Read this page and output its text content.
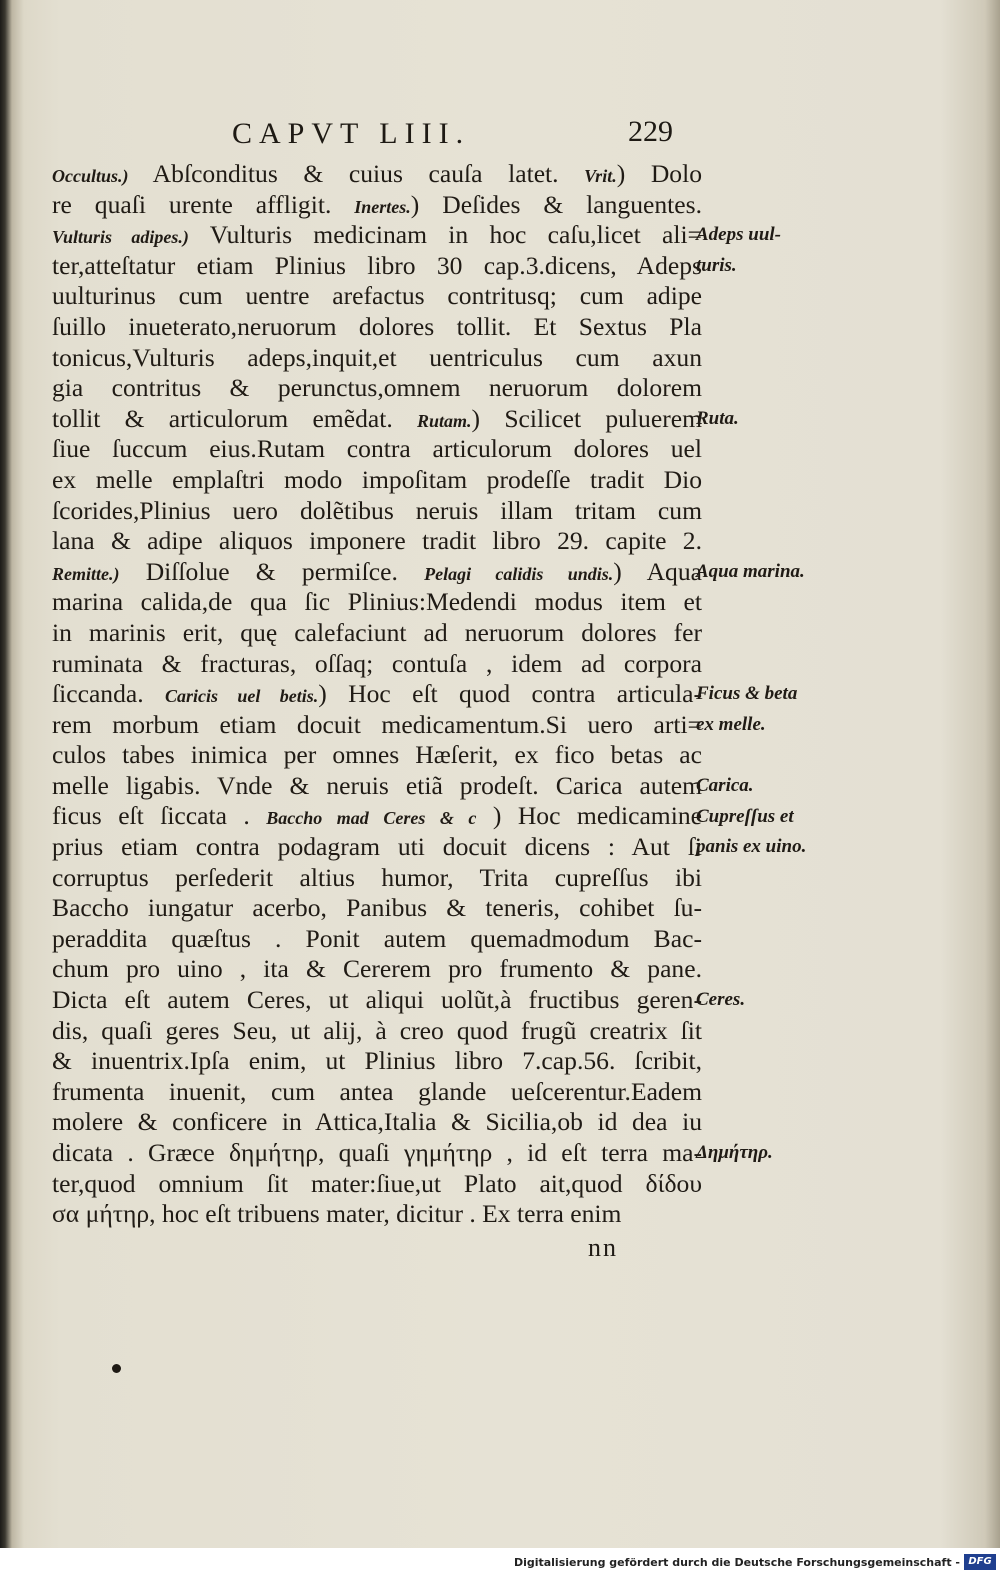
CAPVT LIII.	229
Occultus.) Abſconditus & cuius cauſa latet. Vrit.) Dolo
re quaſi urente affligit. Inertes.) Deſides & languentes.
Vulturis adipes.) Vulturis medicinam in hoc caſu,licet ali=
ter,atteſtatur etiam Plinius libro 30 cap.3.dicens, Adeps
uulturinus cum uentre arefactus contritusq; cum adipe
ſuillo inueterato,neruorum dolores tollit. Et Sextus Pla
tonicus,Vulturis adeps,inquit,et uentriculus cum axun
gia contritus & perunctus,omnem neruorum dolorem
tollit & articulorum emẽdat. Rutam.) Scilicet puluerem
ſiue ſuccum eius.Rutam contra articulorum dolores uel
ex melle emplaſtri modo impoſitam prodeſſe tradit Dio
ſcorides,Plinius uero dolẽtibus neruis illam tritam cum
lana & adipe aliquos imponere tradit libro 29. capite 2.
Remitte.) Diſſolue & permiſce. Pelagi calidis undis.) Aqua
marina calida,de qua ſic Plinius:Medendi modus item et
in marinis erit, quę calefaciunt ad neruorum dolores fer
ruminata & fracturas, oſſaq; contuſa , idem ad corpora
ſiccanda. Caricis uel betis.) Hoc eſt quod contra articula-
rem morbum etiam docuit medicamentum.Si uero arti=
culos tabes inimica per omnes Hæſerit, ex fico betas ac
melle ligabis. Vnde & neruis etiã prodeſt. Carica autem
ficus eſt ſiccata . Baccho mad Ceres & c ) Hoc medicamine
prius etiam contra podagram uti docuit dicens : Aut ſi
corruptus perſederit altius humor, Trita cupreſſus ibi
Baccho iungatur acerbo, Panibus & teneris, cohibet ſu-
peraddita quæſtus . Ponit autem quemadmodum Bac-
chum pro uino , ita & Cererem pro frumento & pane.
Dicta eſt autem Ceres, ut aliqui uolũt,à fructibus geren-
dis, quaſi geres Seu, ut alij, à creo quod frugũ creatrix ſit
& inuentrix.Ipſa enim, ut Plinius libro 7.cap.56. ſcribit,
frumenta inuenit, cum antea glande ueſcerentur.Eadem
molere & conficere in Attica,Italia & Sicilia,ob id dea iu
dicata . Græce δημήτηρ, quaſi γημήτηρ , id eſt terra ma-
ter,quod omnium ſit mater:ſiue,ut Plato ait,quod δίδου
σα μήτηρ, hoc eſt tribuens mater, dicitur . Ex terra enim
Adeps uul-
turis.
Ruta.
Aqua marina.
Ficus & beta
ex melle.
Carica.
Cupreſſus et
panis ex uino.
Ceres.
Δημήτηρ.
nn
Digitalisierung gefördert durch die Deutsche Forschungsgemeinschaft - DFG
